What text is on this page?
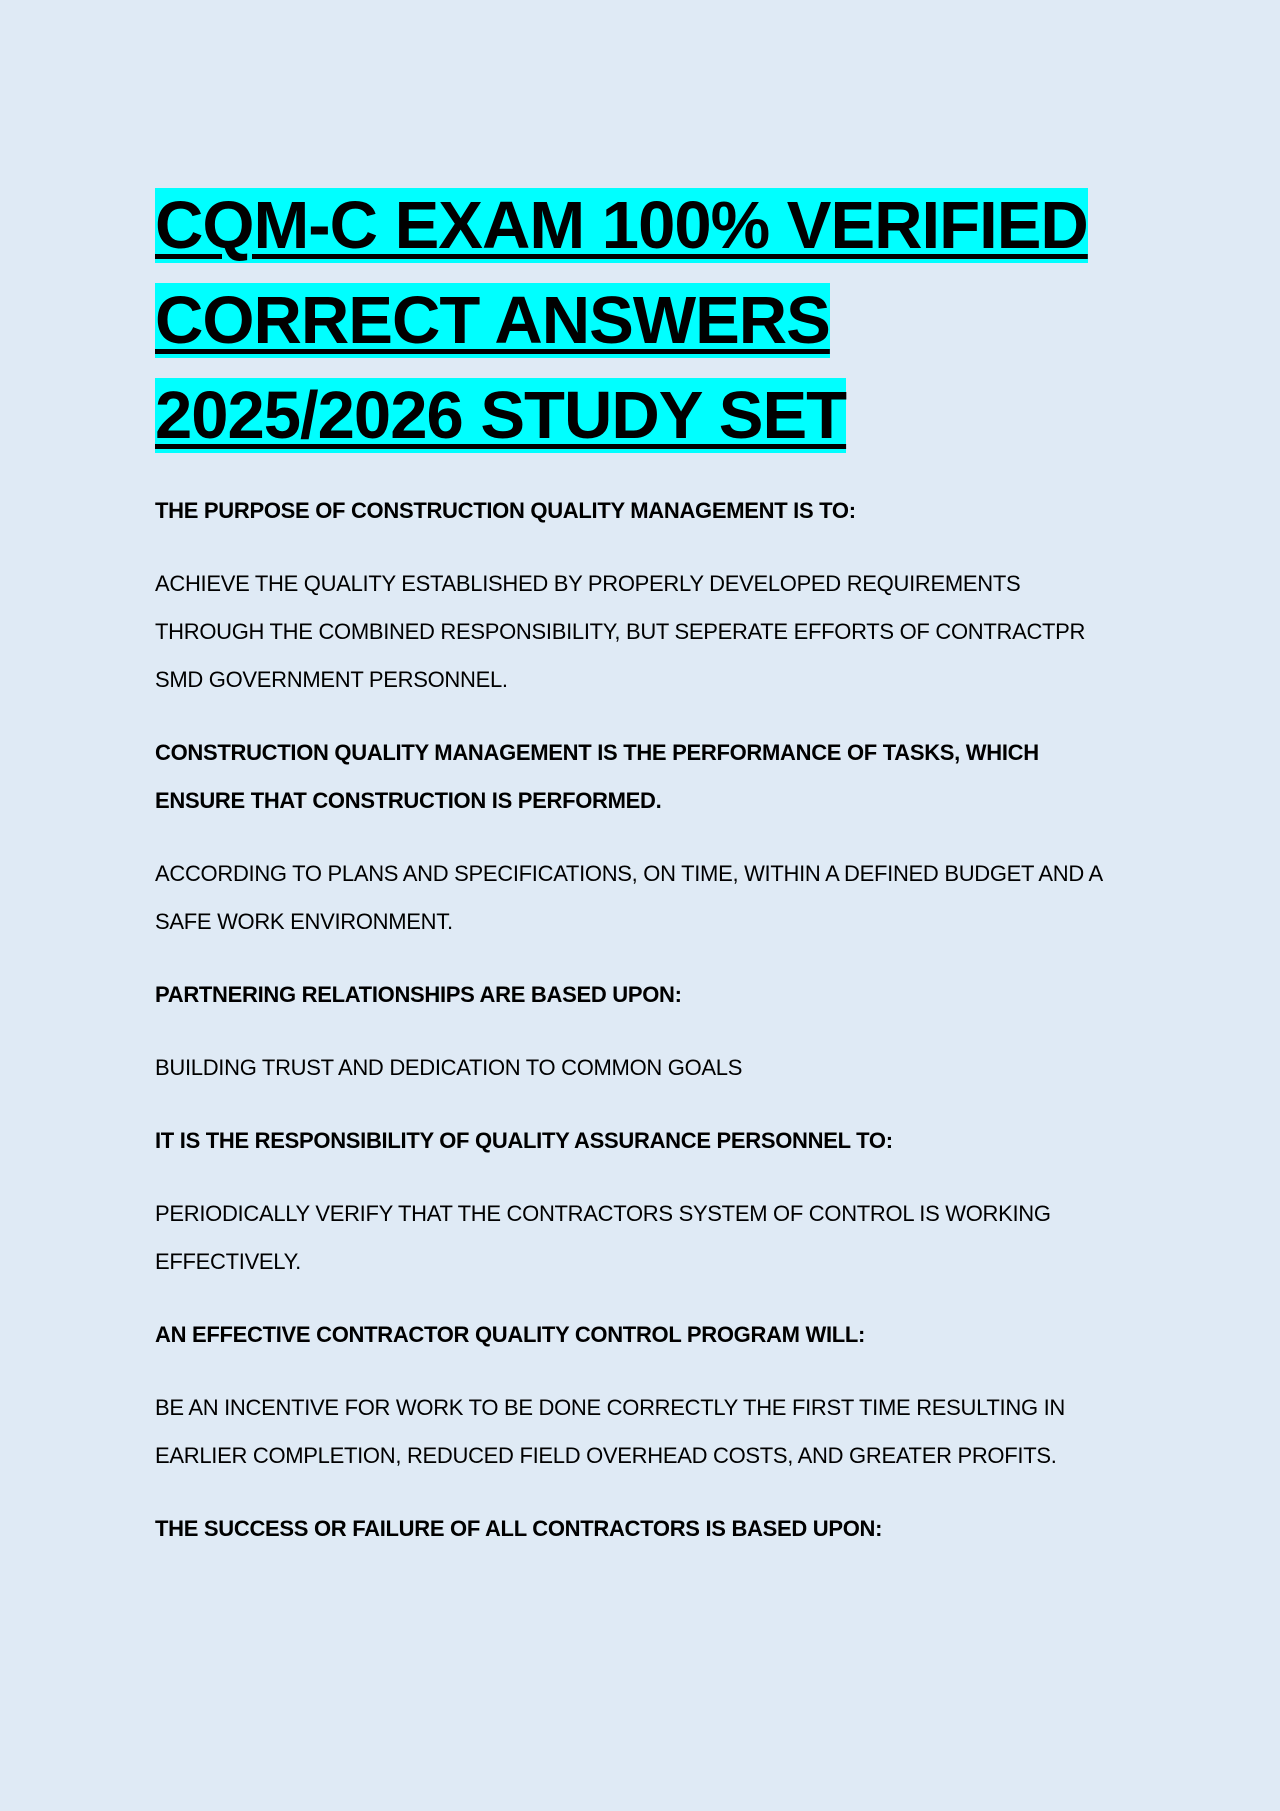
CQM-C EXAM 100% VERIFIED
CORRECT ANSWERS
2025/2026 STUDY SET

THE PURPOSE OF CONSTRUCTION QUALITY MANAGEMENT IS TO:

ACHIEVE THE QUALITY ESTABLISHED BY PROPERLY DEVELOPED REQUIREMENTS THROUGH THE COMBINED RESPONSIBILITY, BUT SEPERATE EFFORTS OF CONTRACTPR SMD GOVERNMENT PERSONNEL.

CONSTRUCTION QUALITY MANAGEMENT IS THE PERFORMANCE OF TASKS, WHICH ENSURE THAT CONSTRUCTION IS PERFORMED.

ACCORDING TO PLANS AND SPECIFICATIONS, ON TIME, WITHIN A DEFINED BUDGET AND A SAFE WORK ENVIRONMENT.

PARTNERING RELATIONSHIPS ARE BASED UPON:

BUILDING TRUST AND DEDICATION TO COMMON GOALS

IT IS THE RESPONSIBILITY OF QUALITY ASSURANCE PERSONNEL TO:

PERIODICALLY VERIFY THAT THE CONTRACTORS SYSTEM OF CONTROL IS WORKING EFFECTIVELY.

AN EFFECTIVE CONTRACTOR QUALITY CONTROL PROGRAM WILL:

BE AN INCENTIVE FOR WORK TO BE DONE CORRECTLY THE FIRST TIME RESULTING IN EARLIER COMPLETION, REDUCED FIELD OVERHEAD COSTS, AND GREATER PROFITS.

THE SUCCESS OR FAILURE OF ALL CONTRACTORS IS BASED UPON:
